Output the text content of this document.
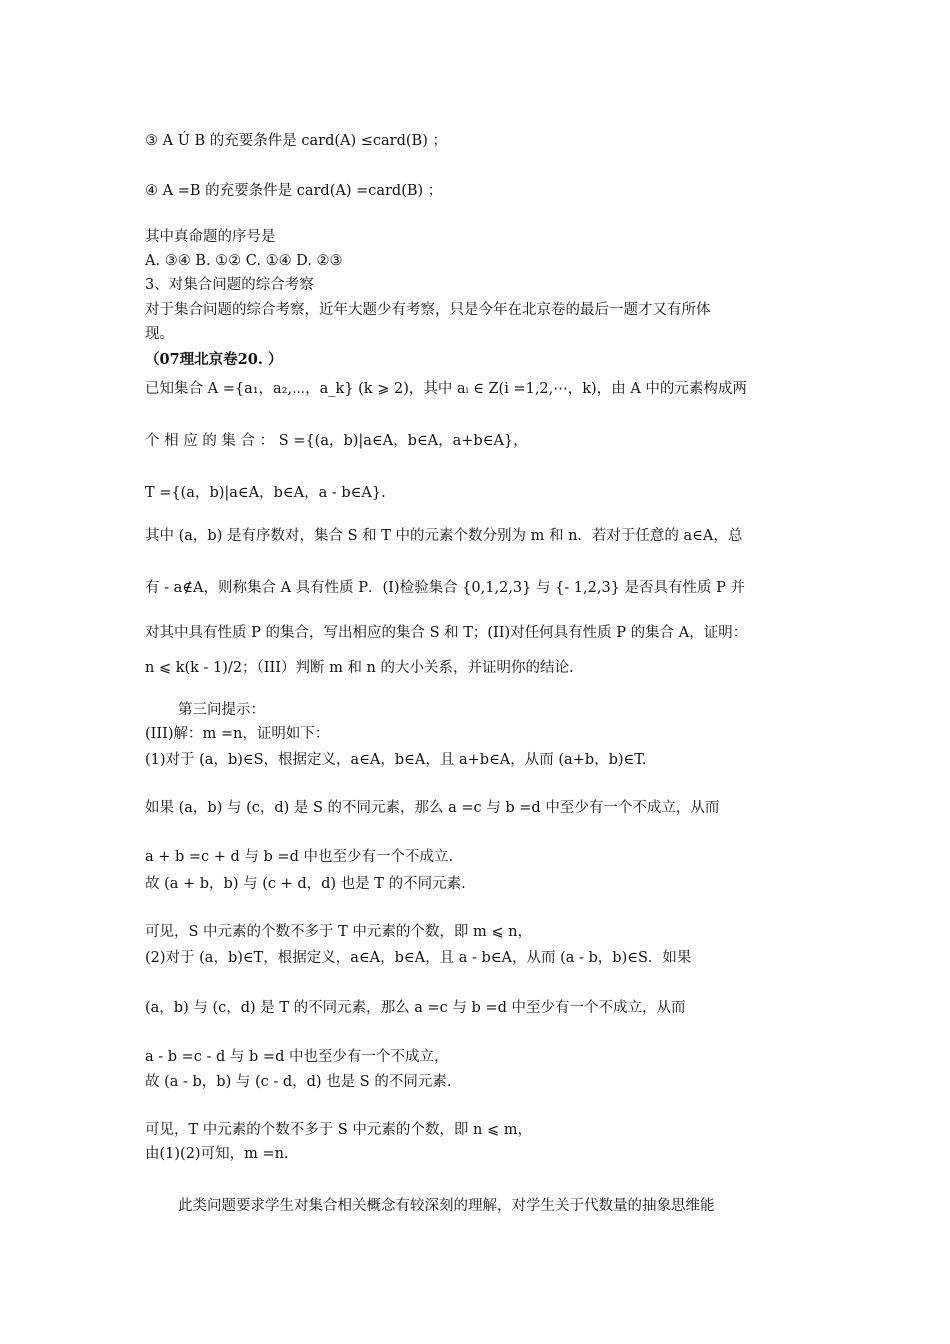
③ A Ú B 的充要条件是 card(A) ≤card(B) ；
④ A =B 的充要条件是 card(A) =card(B) ；
其中真命题的序号是
A. ③④ B. ①② C. ①④ D. ②③
3、对集合问题的综合考察
对于集合问题的综合考察，近年大题少有考察，只是今年在北京卷的最后一题才又有所体
现。
（07理北京卷20. ）
已知集合 A ={a₁，a₂,⋯，a_k} (k ⩾ 2)，其中 aᵢ ∈ Z(i =1,2,⋯，k)，由 A 中的元素构成两
个 相 应 的 集 合 ： S ={(a，b)|a∈A，b∈A，a+b∈A}，
T ={(a，b)|a∈A，b∈A，a - b∈A}.
其中 (a，b) 是有序数对，集合 S 和 T 中的元素个数分别为 m 和 n．若对于任意的 a∈A，总
有 - a∉A，则称集合 A 具有性质 P．(I)检验集合 {0,1,2,3} 与 {- 1,2,3} 是否具有性质 P 并
对其中具有性质 P 的集合，写出相应的集合 S 和 T；(II)对任何具有性质 P 的集合 A，证明：
n ⩽ k(k - 1)/2；（III）判断 m 和 n 的大小关系，并证明你的结论.
第三问提示：
(III)解：m =n，证明如下：
(1)对于 (a，b)∈S，根据定义，a∈A，b∈A，且 a+b∈A，从而 (a+b，b)∈T.
如果 (a，b) 与 (c，d) 是 S 的不同元素，那么 a =c 与 b =d 中至少有一个不成立，从而
a + b =c + d 与 b =d 中也至少有一个不成立.
故 (a + b，b) 与 (c + d，d) 也是 T 的不同元素.
可见，S 中元素的个数不多于 T 中元素的个数，即 m ⩽ n，
(2)对于 (a，b)∈T，根据定义，a∈A，b∈A，且 a - b∈A，从而 (a - b，b)∈S．如果
(a，b) 与 (c，d) 是 T 的不同元素，那么 a =c 与 b =d 中至少有一个不成立，从而
a - b =c - d 与 b =d 中也至少有一个不成立，
故 (a - b，b) 与 (c - d，d) 也是 S 的不同元素.
可见，T 中元素的个数不多于 S 中元素的个数，即 n ⩽ m，
由(1)(2)可知，m =n.
此类问题要求学生对集合相关概念有较深刻的理解，对学生关于代数量的抽象思维能
